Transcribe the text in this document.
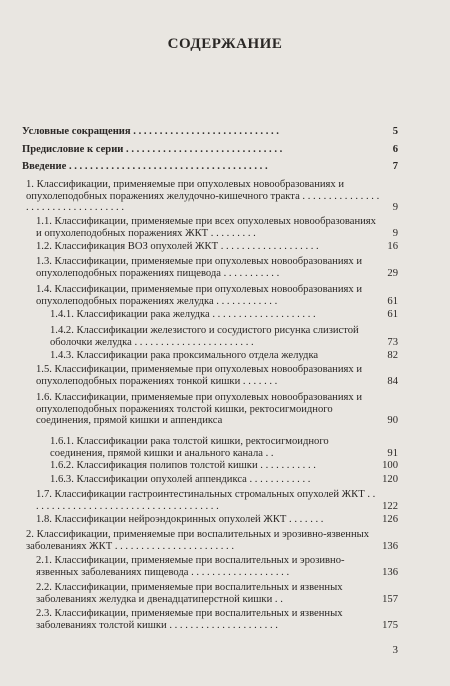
СОДЕРЖАНИЕ
Условные сокращения . . . . . . . . . . . . . . . . . . . . . . . . . . . .	5
Предисловие к серии . . . . . . . . . . . . . . . . . . . . . . . . . . . . . .	6
Введение . . . . . . . . . . . . . . . . . . . . . . . . . . . . . . . . . . . . . .	7
1. Классификации, применяемые при опухолевых новообразованиях и опухолеподобных поражениях желудочно-кишечного тракта . . . . . . . . . . . . . . . . . . . . . . . . . . . . . . . . . .	9
1.1. Классификации, применяемые при всех опухолевых новообразованиях и опухолеподобных поражениях ЖКТ . . . . . . . . .	9
1.2. Классификация ВОЗ опухолей ЖКТ . . . . . . . . . . . . . . . . . . .	16
1.3. Классификации, применяемые при опухолевых новообразованиях и опухолеподобных поражениях пищевода . . . . . . . . . . .	29
1.4. Классификации, применяемые при опухолевых новообразованиях и опухолеподобных поражениях желудка . . . . . . . . . . . .	61
1.4.1. Классификации рака желудка . . . . . . . . . . . . . . . . . . . .	61
1.4.2. Классификации железистого и сосудистого рисунка слизистой оболочки желудка . . . . . . . . . . . . . . . . . . . . . . .	73
1.4.3. Классификации рака проксимального отдела желудка	82
1.5. Классификации, применяемые при опухолевых новообразованиях и опухолеподобных поражениях тонкой кишки . . . . . . .	84
1.6. Классификации, применяемые при опухолевых новообразованиях и опухолеподобных поражениях толстой кишки, ректосигмоидного соединения, прямой кишки и аппендикса	90
1.6.1. Классификации рака толстой кишки, ректосигмоидного соединения, прямой кишки и анального канала . .	91
1.6.2. Классификация полипов толстой кишки . . . . . . . . . . .	100
1.6.3. Классификации опухолей аппендикса . . . . . . . . . . . .	120
1.7. Классификации гастроинтестинальных стромальных опухолей ЖКТ . . . . . . . . . . . . . . . . . . . . . . . . . . . . . . . . . . . . .	122
1.8. Классификации нейроэндокринных опухолей ЖКТ . . . . . . .	126
2. Классификации, применяемые при воспалительных и эрозивно-язвенных заболеваниях ЖКТ . . . . . . . . . . . . . . . . . . . . . . .	136
2.1. Классификации, применяемые при воспалительных и эрозивно-язвенных заболеваниях пищевода . . . . . . . . . . . . . . . . . . .	136
2.2. Классификации, применяемые при воспалительных и язвенных заболеваниях желудка и двенадцатиперстной кишки . .	157
2.3. Классификации, применяемые при воспалительных и язвенных заболеваниях толстой кишки . . . . . . . . . . . . . . . . . . . . .	175
3
